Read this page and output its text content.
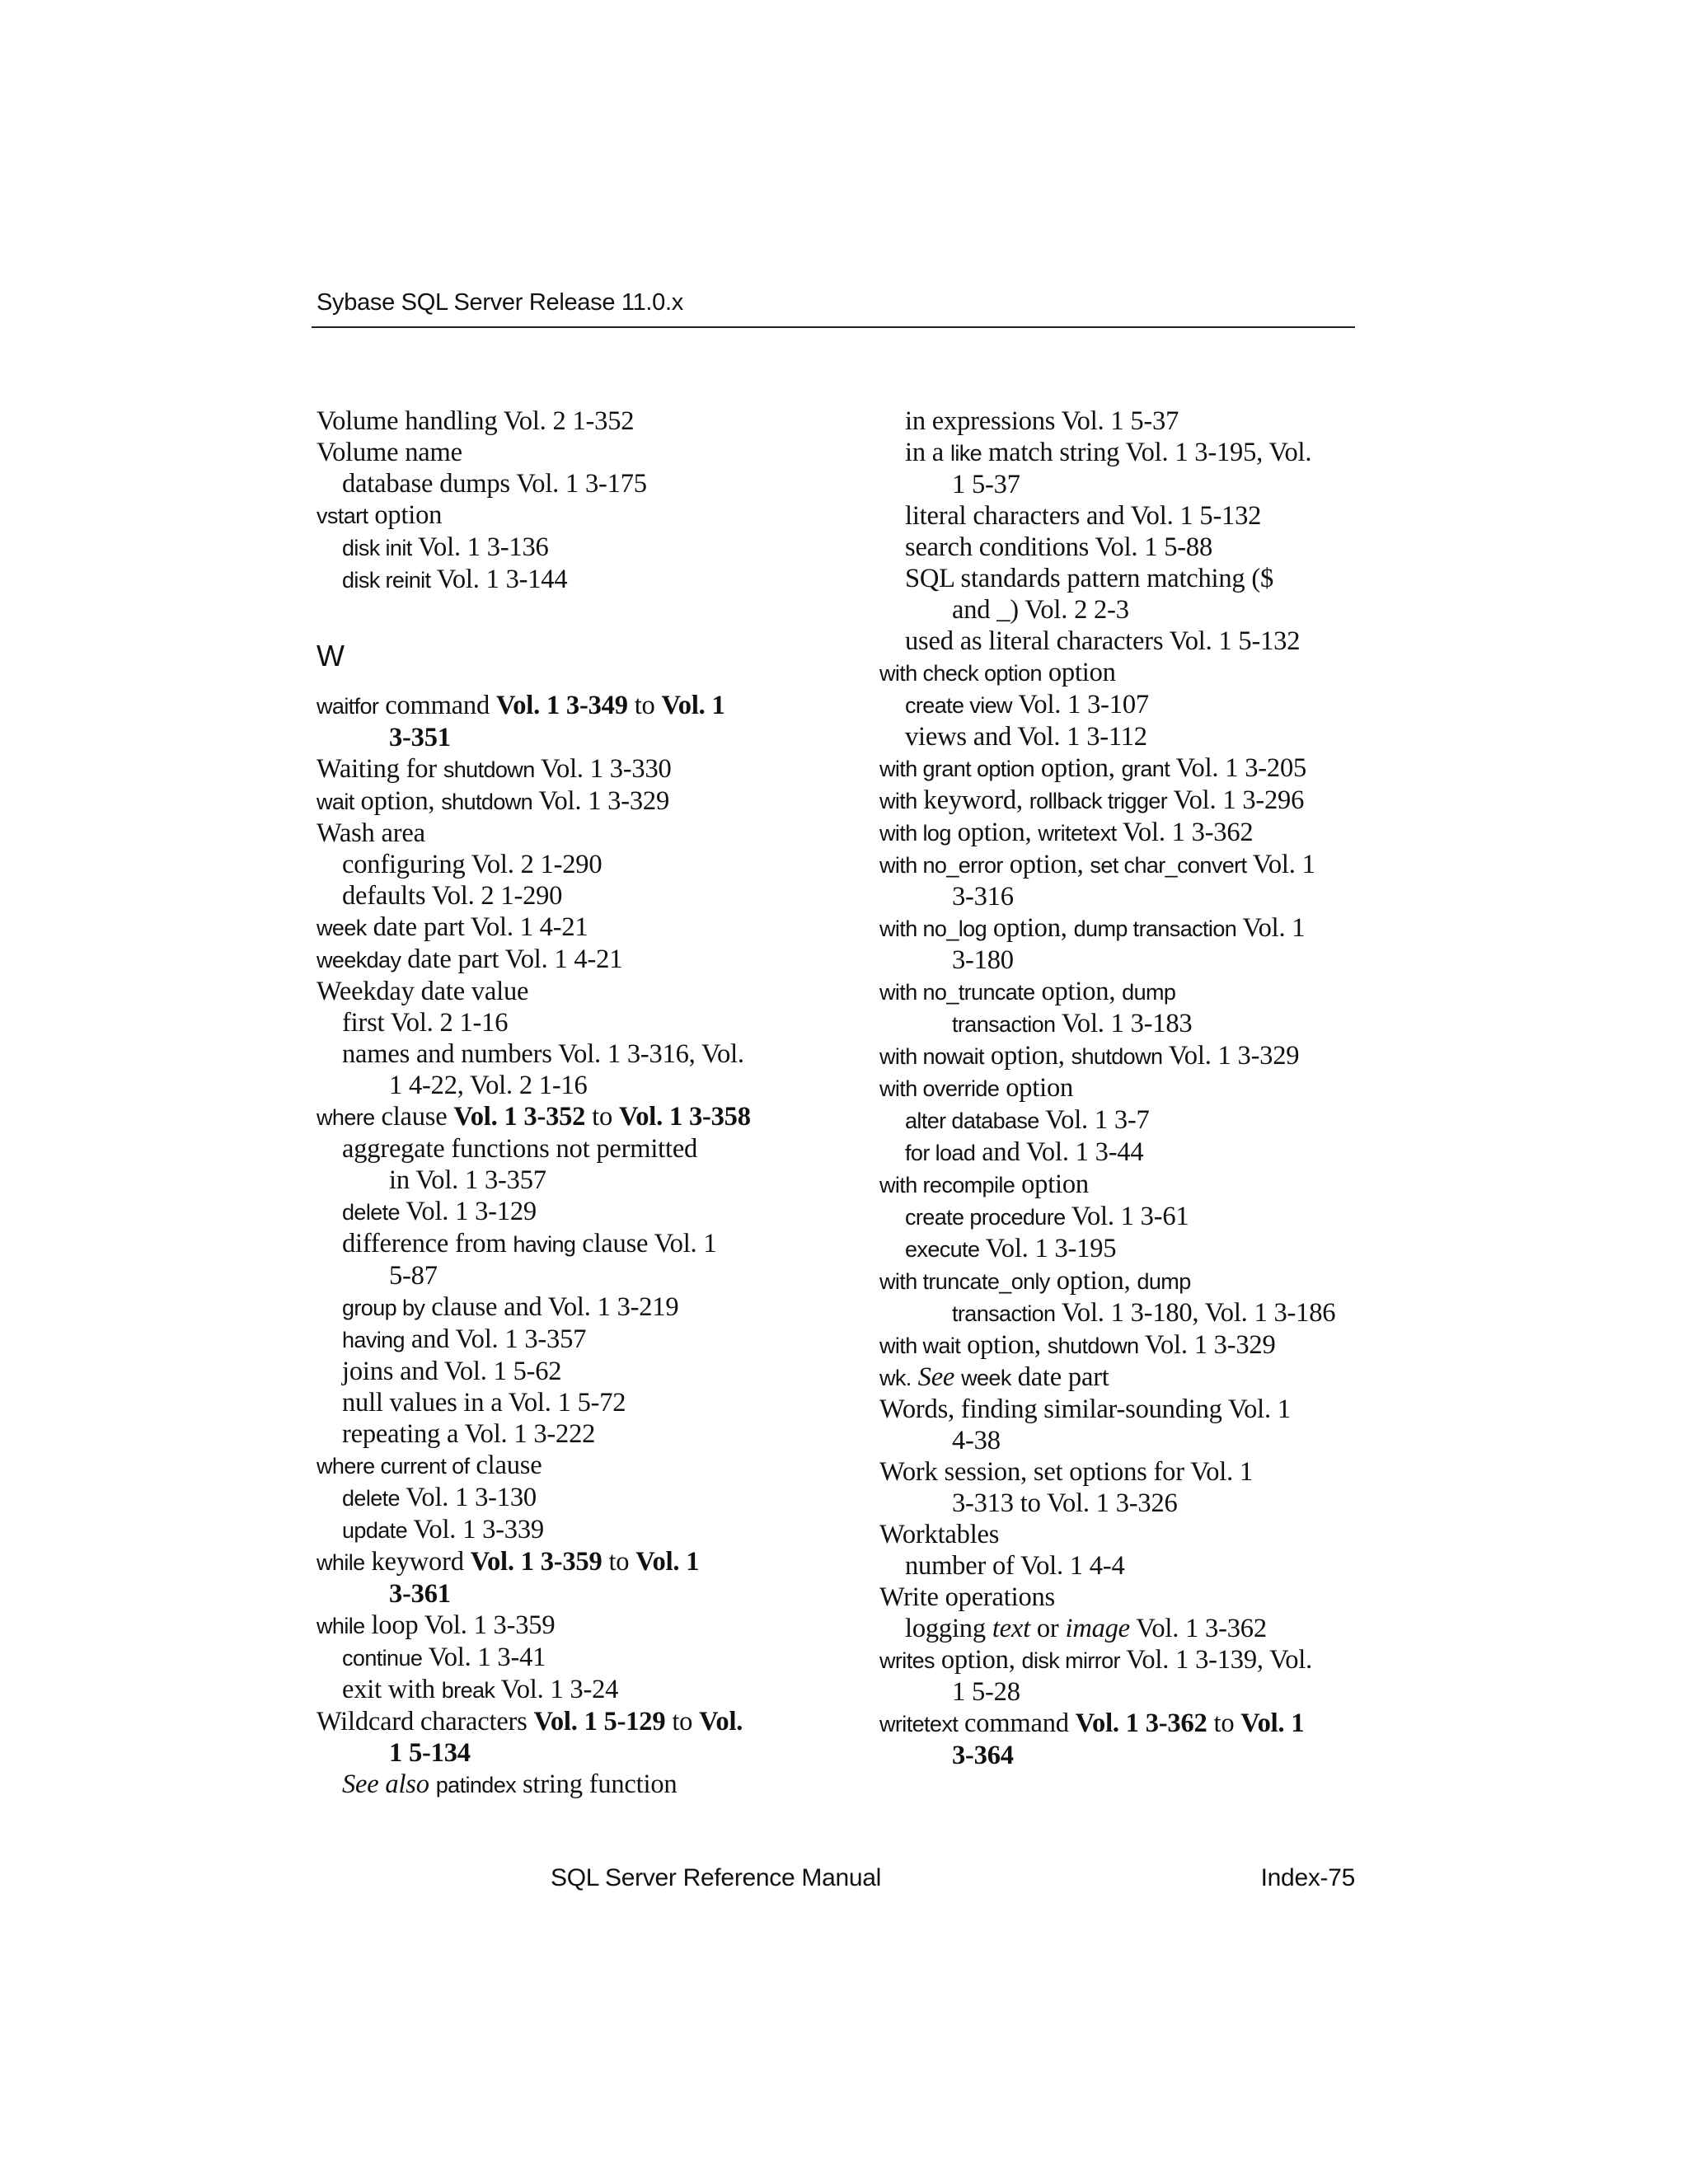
Sybase SQL Server Release 11.0.x
Volume handling Vol. 2 1-352
Volume name
database dumps Vol. 1 3-175
vstart option
disk init Vol. 1 3-136
disk reinit Vol. 1 3-144
W
waitfor command Vol. 1 3-349 to Vol. 1
3-351
Waiting for shutdown Vol. 1 3-330
wait option, shutdown Vol. 1 3-329
Wash area
configuring Vol. 2 1-290
defaults Vol. 2 1-290
week date part Vol. 1 4-21
weekday date part Vol. 1 4-21
Weekday date value
first Vol. 2 1-16
names and numbers Vol. 1 3-316, Vol.
1 4-22, Vol. 2 1-16
where clause Vol. 1 3-352 to Vol. 1 3-358
aggregate functions not permitted
in Vol. 1 3-357
delete Vol. 1 3-129
difference from having clause Vol. 1
5-87
group by clause and Vol. 1 3-219
having and Vol. 1 3-357
joins and Vol. 1 5-62
null values in a Vol. 1 5-72
repeating a Vol. 1 3-222
where current of clause
delete Vol. 1 3-130
update Vol. 1 3-339
while keyword Vol. 1 3-359 to Vol. 1
3-361
while loop Vol. 1 3-359
continue Vol. 1 3-41
exit with break Vol. 1 3-24
Wildcard characters Vol. 1 5-129 to Vol.
1 5-134
See also patindex string function
in expressions Vol. 1 5-37
in a like match string Vol. 1 3-195, Vol.
1 5-37
literal characters and Vol. 1 5-132
search conditions Vol. 1 5-88
SQL standards pattern matching ($
and _) Vol. 2 2-3
used as literal characters Vol. 1 5-132
with check option option
create view Vol. 1 3-107
views and Vol. 1 3-112
with grant option option, grant Vol. 1 3-205
with keyword, rollback trigger Vol. 1 3-296
with log option, writetext Vol. 1 3-362
with no_error option, set char_convert Vol. 1
3-316
with no_log option, dump transaction Vol. 1
3-180
with no_truncate option, dump
transaction Vol. 1 3-183
with nowait option, shutdown Vol. 1 3-329
with override option
alter database Vol. 1 3-7
for load and Vol. 1 3-44
with recompile option
create procedure Vol. 1 3-61
execute Vol. 1 3-195
with truncate_only option, dump
transaction Vol. 1 3-180, Vol. 1 3-186
with wait option, shutdown Vol. 1 3-329
wk. See week date part
Words, finding similar-sounding Vol. 1
4-38
Work session, set options for Vol. 1
3-313 to Vol. 1 3-326
Worktables
number of Vol. 1 4-4
Write operations
logging text or image Vol. 1 3-362
writes option, disk mirror Vol. 1 3-139, Vol.
1 5-28
writetext command Vol. 1 3-362 to Vol. 1
3-364
SQL Server Reference Manual	Index-75
